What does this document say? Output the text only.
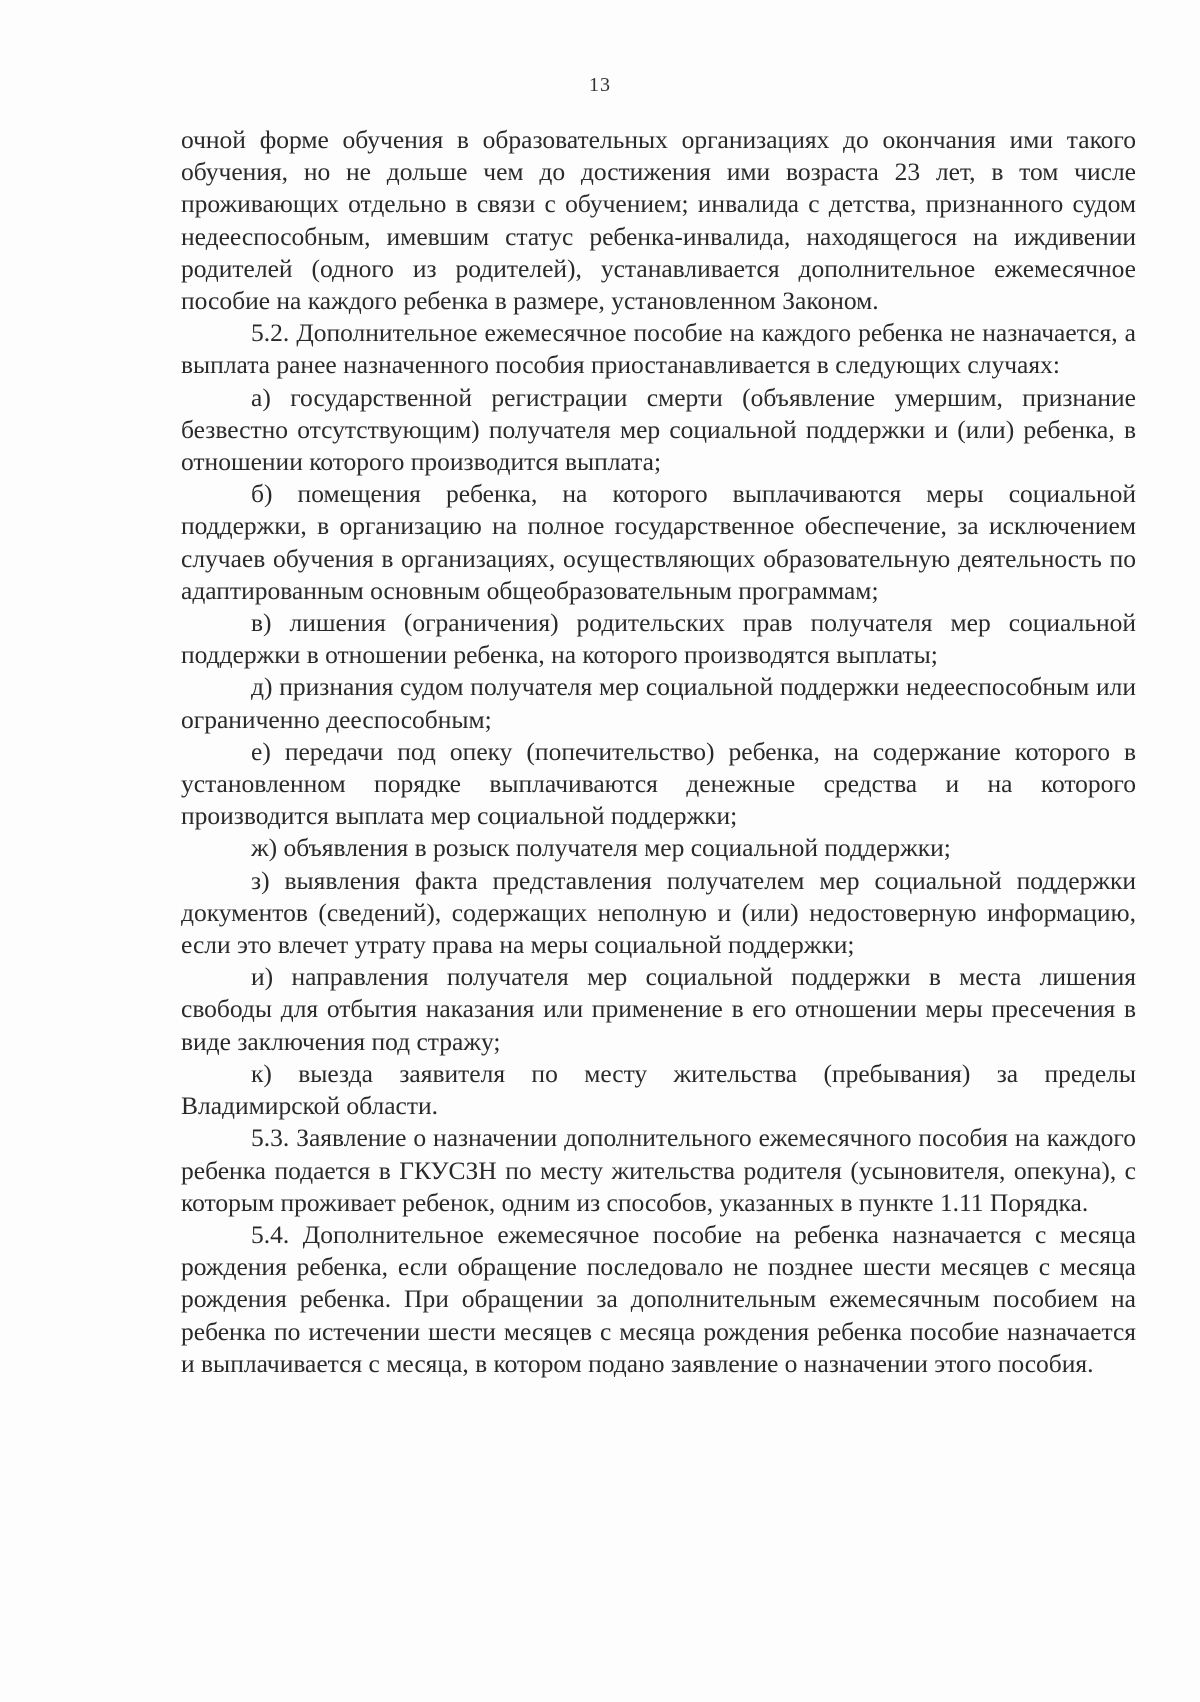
13

очной форме обучения в образовательных организациях до окончания ими такого обучения, но не дольше чем до достижения ими возраста 23 лет, в том числе проживающих отдельно в связи с обучением; инвалида с детства, признанного судом недееспособным, имевшим статус ребенка-инвалида, находящегося на иждивении родителей (одного из родителей), устанавливается дополнительное ежемесячное пособие на каждого ребенка в размере, установленном Законом.

5.2. Дополнительное ежемесячное пособие на каждого ребенка не назначается, а выплата ранее назначенного пособия приостанавливается в следующих случаях:

а) государственной регистрации смерти (объявление умершим, признание безвестно отсутствующим) получателя мер социальной поддержки и (или) ребенка, в отношении которого производится выплата;

б) помещения ребенка, на которого выплачиваются меры социальной поддержки, в организацию на полное государственное обеспечение, за исключением случаев обучения в организациях, осуществляющих образовательную деятельность по адаптированным основным общеобразовательным программам;

в) лишения (ограничения) родительских прав получателя мер социальной поддержки в отношении ребенка, на которого производятся выплаты;

д) признания судом получателя мер социальной поддержки недееспособным или ограниченно дееспособным;

е) передачи под опеку (попечительство) ребенка, на содержание которого в установленном порядке выплачиваются денежные средства и на которого производится выплата мер социальной поддержки;

ж) объявления в розыск получателя мер социальной поддержки;

з) выявления факта представления получателем мер социальной поддержки документов (сведений), содержащих неполную и (или) недостоверную информацию, если это влечет утрату права на меры социальной поддержки;

и) направления получателя мер социальной поддержки в места лишения свободы для отбытия наказания или применение в его отношении меры пресечения в виде заключения под стражу;

к) выезда заявителя по месту жительства (пребывания) за пределы Владимирской области.

5.3. Заявление о назначении дополнительного ежемесячного пособия на каждого ребенка подается в ГКУСЗН по месту жительства родителя (усыновителя, опекуна), с которым проживает ребенок, одним из способов, указанных в пункте 1.11 Порядка.

5.4. Дополнительное ежемесячное пособие на ребенка назначается с месяца рождения ребенка, если обращение последовало не позднее шести месяцев с месяца рождения ребенка. При обращении за дополнительным ежемесячным пособием на ребенка по истечении шести месяцев с месяца рождения ребенка пособие назначается и выплачивается с месяца, в котором подано заявление о назначении этого пособия.
